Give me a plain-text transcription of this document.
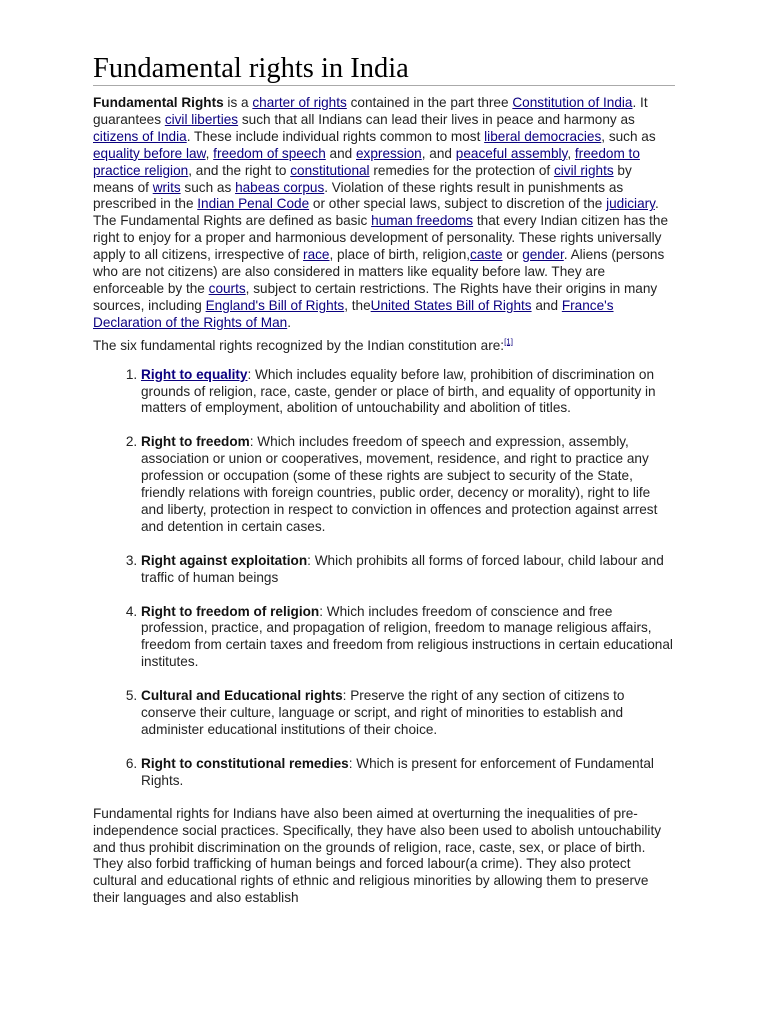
Fundamental rights in India

Fundamental Rights is a charter of rights contained in the part three Constitution of India. It guarantees civil liberties such that all Indians can lead their lives in peace and harmony as citizens of India. These include individual rights common to most liberal democracies, such as equality before law, freedom of speech and expression, and peaceful assembly, freedom to practice religion, and the right to constitutional remedies for the protection of civil rights by means of writs such as habeas corpus. Violation of these rights result in punishments as prescribed in the Indian Penal Code or other special laws, subject to discretion of the judiciary. The Fundamental Rights are defined as basic human freedoms that every Indian citizen has the right to enjoy for a proper and harmonious development of personality. These rights universally apply to all citizens, irrespective of race, place of birth, religion,caste or gender. Aliens (persons who are not citizens) are also considered in matters like equality before law. They are enforceable by the courts, subject to certain restrictions. The Rights have their origins in many sources, including England's Bill of Rights, theUnited States Bill of Rights and France's Declaration of the Rights of Man.

The six fundamental rights recognized by the Indian constitution are:[1]

1. Right to equality: Which includes equality before law, prohibition of discrimination on grounds of religion, race, caste, gender or place of birth, and equality of opportunity in matters of employment, abolition of untouchability and abolition of titles.
2. Right to freedom: Which includes freedom of speech and expression, assembly, association or union or cooperatives, movement, residence, and right to practice any profession or occupation (some of these rights are subject to security of the State, friendly relations with foreign countries, public order, decency or morality), right to life and liberty, protection in respect to conviction in offences and protection against arrest and detention in certain cases.
3. Right against exploitation: Which prohibits all forms of forced labour, child labour and traffic of human beings
4. Right to freedom of religion: Which includes freedom of conscience and free profession, practice, and propagation of religion, freedom to manage religious affairs, freedom from certain taxes and freedom from religious instructions in certain educational institutes.
5. Cultural and Educational rights: Preserve the right of any section of citizens to conserve their culture, language or script, and right of minorities to establish and administer educational institutions of their choice.
6. Right to constitutional remedies: Which is present for enforcement of Fundamental Rights.

Fundamental rights for Indians have also been aimed at overturning the inequalities of pre-independence social practices. Specifically, they have also been used to abolish untouchability and thus prohibit discrimination on the grounds of religion, race, caste, sex, or place of birth. They also forbid trafficking of human beings and forced labour(a crime). They also protect cultural and educational rights of ethnic and religious minorities by allowing them to preserve their languages and also establish
